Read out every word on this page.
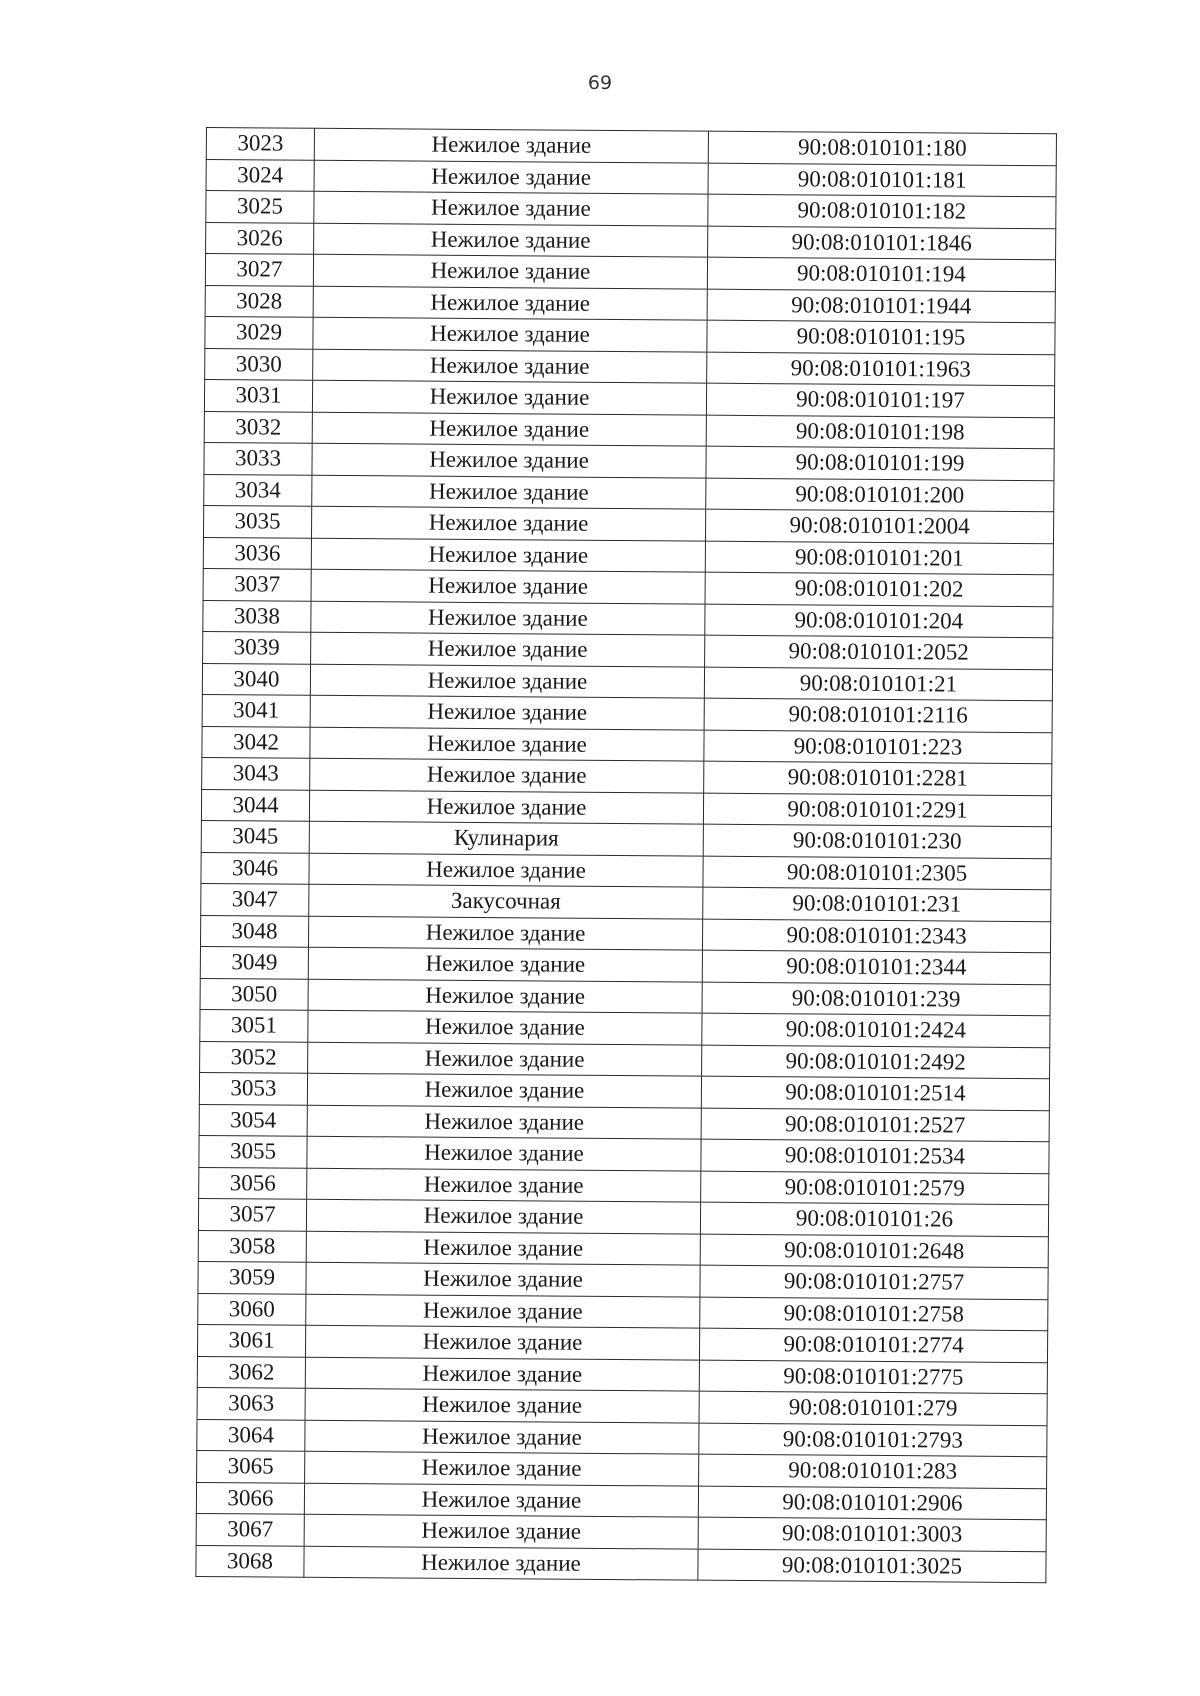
69
3023	Нежилое здание	90:08:010101:180
3024	Нежилое здание	90:08:010101:181
3025	Нежилое здание	90:08:010101:182
3026	Нежилое здание	90:08:010101:1846
3027	Нежилое здание	90:08:010101:194
3028	Нежилое здание	90:08:010101:1944
3029	Нежилое здание	90:08:010101:195
3030	Нежилое здание	90:08:010101:1963
3031	Нежилое здание	90:08:010101:197
3032	Нежилое здание	90:08:010101:198
3033	Нежилое здание	90:08:010101:199
3034	Нежилое здание	90:08:010101:200
3035	Нежилое здание	90:08:010101:2004
3036	Нежилое здание	90:08:010101:201
3037	Нежилое здание	90:08:010101:202
3038	Нежилое здание	90:08:010101:204
3039	Нежилое здание	90:08:010101:2052
3040	Нежилое здание	90:08:010101:21
3041	Нежилое здание	90:08:010101:2116
3042	Нежилое здание	90:08:010101:223
3043	Нежилое здание	90:08:010101:2281
3044	Нежилое здание	90:08:010101:2291
3045	Кулинария	90:08:010101:230
3046	Нежилое здание	90:08:010101:2305
3047	Закусочная	90:08:010101:231
3048	Нежилое здание	90:08:010101:2343
3049	Нежилое здание	90:08:010101:2344
3050	Нежилое здание	90:08:010101:239
3051	Нежилое здание	90:08:010101:2424
3052	Нежилое здание	90:08:010101:2492
3053	Нежилое здание	90:08:010101:2514
3054	Нежилое здание	90:08:010101:2527
3055	Нежилое здание	90:08:010101:2534
3056	Нежилое здание	90:08:010101:2579
3057	Нежилое здание	90:08:010101:26
3058	Нежилое здание	90:08:010101:2648
3059	Нежилое здание	90:08:010101:2757
3060	Нежилое здание	90:08:010101:2758
3061	Нежилое здание	90:08:010101:2774
3062	Нежилое здание	90:08:010101:2775
3063	Нежилое здание	90:08:010101:279
3064	Нежилое здание	90:08:010101:2793
3065	Нежилое здание	90:08:010101:283
3066	Нежилое здание	90:08:010101:2906
3067	Нежилое здание	90:08:010101:3003
3068	Нежилое здание	90:08:010101:3025
